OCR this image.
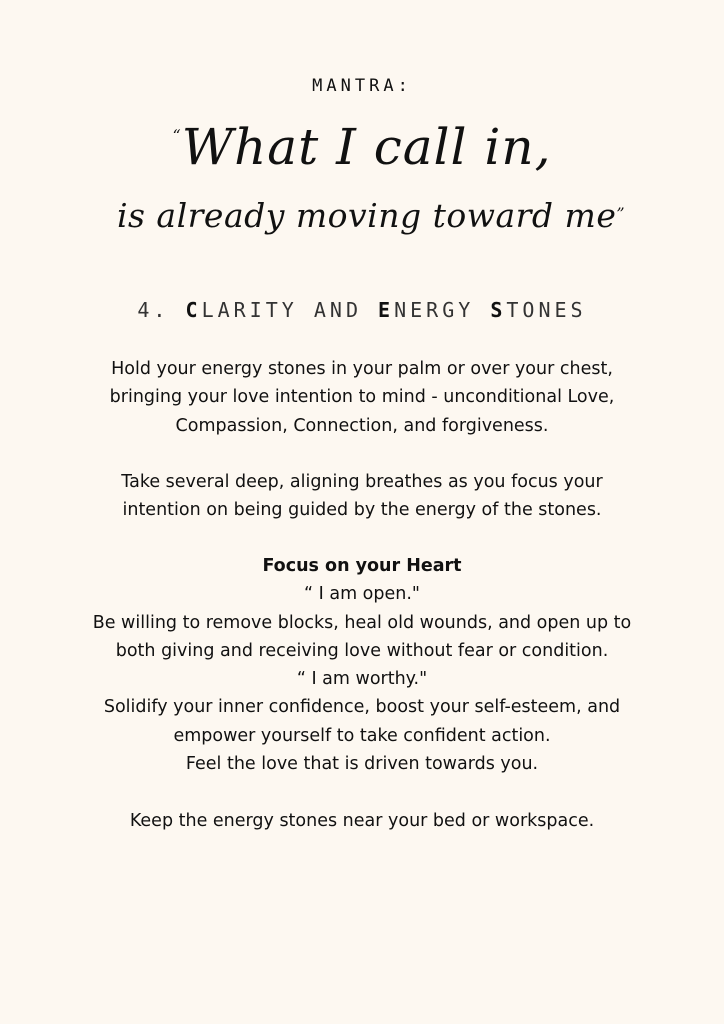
MANTRA:
“What I call in,
is already moving toward me”
4. CLARITY AND ENERGY STONES

Hold your energy stones in your palm or over your chest,

bringing your love intention to mind - unconditional Love,

Compassion, Connection, and forgiveness.

Take several deep, aligning breathes as you focus your

intention on being guided by the energy of the stones.

Focus on your Heart

“ I am open."

Be willing to remove blocks, heal old wounds, and open up to

both giving and receiving love without fear or condition.

“ I am worthy."

Solidify your inner confidence, boost your self-esteem, and

empower yourself to take confident action.

Feel the love that is driven towards you.

Keep the energy stones near your bed or workspace.
